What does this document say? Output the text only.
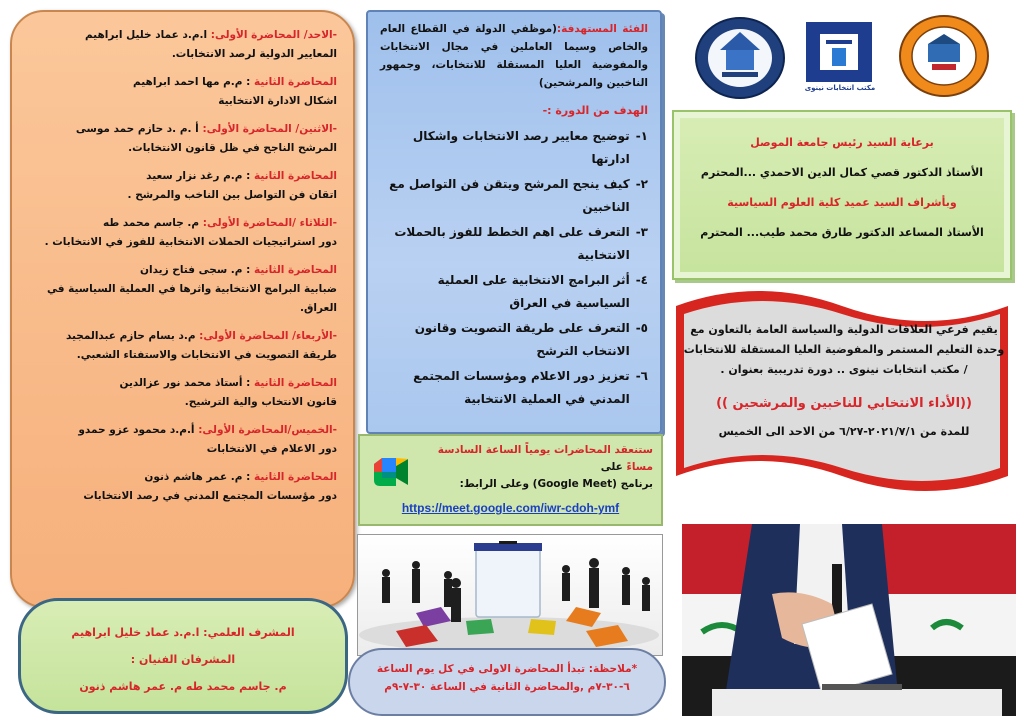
-الاحد/ المحاضرة الأولى: ا.م.د عماد خليل ابراهيم
المعايير الدولية لرصد الانتخابات.
المحاضرة الثانية : م.م مها احمد ابراهيم
اشكال الادارة الانتخابية
-الاثنين/ المحاضرة الأولى: أ .م .د حازم حمد موسى
المرشح الناجح في ظل قانون الانتخابات.
المحاضرة الثانية : م.م رغد نزار سعيد
اتقان فن التواصل بين الناخب والمرشح .
-الثلاثاء /المحاضرة الأولى: م. جاسم محمد طه
دور استراتيجيات الحملات الانتخابية للفوز في الانتخابات .
المحاضرة الثانية : م. سجى فتاح زيدان
ضبابية البرامج الانتخابية واثرها في العملية السياسية في العراق.
-الأربعاء/ المحاضرة الأولى: م.د بسام حازم عبدالمجيد
طريقة التصويت في الانتخابات والاستفتاء الشعبي.
المحاضرة الثانية : أستاذ محمد نور عزالدين
قانون الانتخاب والية الترشيح.
-الخميس/المحاضرة الأولى: أ.م.د محمود عزو حمدو
دور الاعلام في الانتخابات
المحاضرة الثانية : م. عمر هاشم ذنون
دور مؤسسات المجتمع المدني في رصد الانتخابات
المشرف العلمي: ا.م.د عماد خليل ابراهيم
المشرفان الفنيان :
م. جاسم محمد طه م. عمر هاشم ذنون
الفئة المستهدفة:(موظفي الدولة في القطاع العام والخاص وسيما العاملين في مجال الانتخابات والمفوضية العليا المستقلة للانتخابات، وجمهور الناخبين والمرشحين)
الهدف من الدورة :-
١-
توضيح معايير رصد الانتخابات واشكال ادارتها
٢-
كيف ينجح المرشح ويتقن فن التواصل مع الناخبين
٣-
التعرف على اهم الخطط للفوز بالحملات الانتخابية
٤-
أثر البرامج الانتخابية على العملية السياسية في العراق
٥-
التعرف على طريقة التصويت وقانون الانتخاب الترشح
٦-
تعزيز دور الاعلام ومؤسسات المجتمع المدني في العملية الانتخابية
ستنعقد المحاضرات يومياً الساعة السادسة مساءً على
برنامج (Google Meet) وعلى الرابط:
https://meet.google.com/iwr-cdoh-ymf
*ملاحظة: تبدأ المحاضرة الاولى في كل يوم الساعة
٦-٣٠-٧م ,والمحاضرة الثانية في الساعة ٣٠-٧-٩م
مكتب انتخابات نينوى
برعاية السيد رئيس جامعة الموصل
الأستاذ الدكتور قصي كمال الدين الاحمدي ...المحترم
وبأشراف السيد عميد كلية العلوم السياسية
الأستاذ المساعد الدكتور طارق محمد طيب... المحترم
يقيم فرعي العلاقات الدولية والسياسة العامة بالتعاون مع
وحدة التعليم المستمر والمفوضية العليا المستقلة للانتخابات
/ مكتب انتخابات نينوى .. دورة تدريبية بعنوان .
((الأداء الانتخابي للناخبين والمرشحين ))
للمدة من ٢٠٢١/٧/١-٦/٢٧ من الاحد الى الخميس
